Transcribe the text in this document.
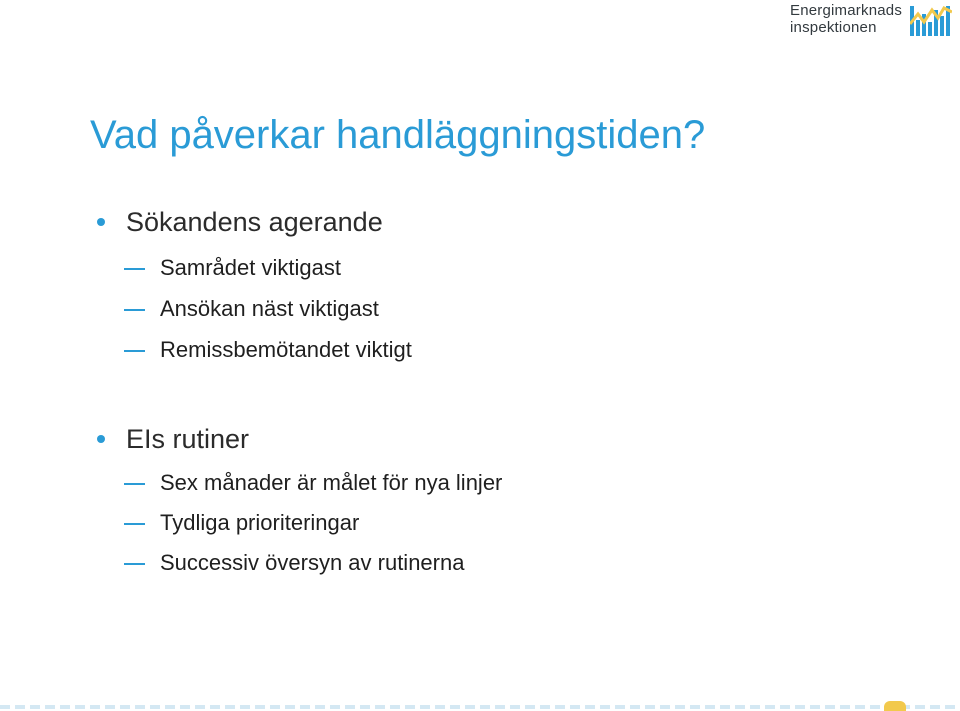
Energimarknads
inspektionen
Vad påverkar handläggningstiden?
Sökandens agerande
Samrådet viktigast
Ansökan näst viktigast
Remissbemötandet viktigt
EIs rutiner
Sex månader är målet för nya linjer
Tydliga prioriteringar
Successiv översyn av rutinerna
